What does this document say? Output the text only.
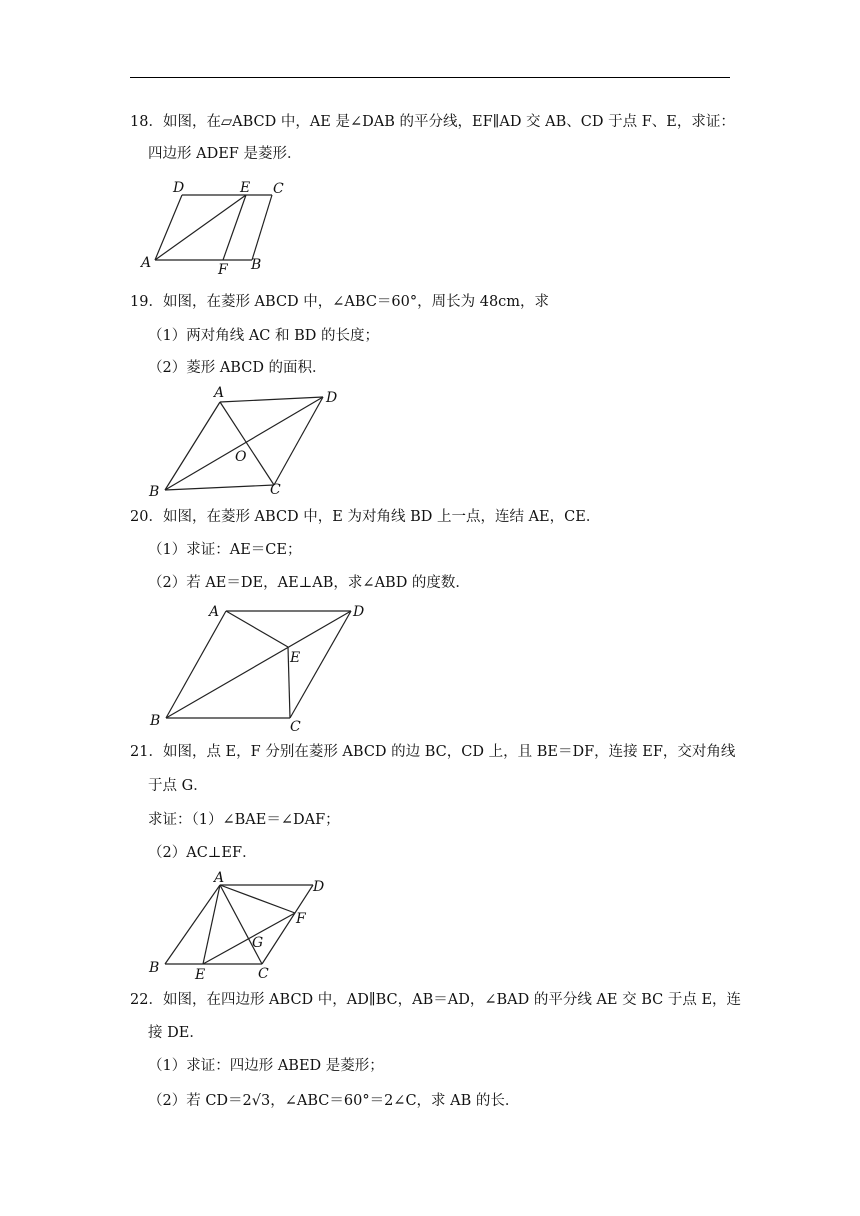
18．如图，在▱ABCD 中，AE 是∠DAB 的平分线，EF∥AD 交 AB、CD 于点 F、E，求证：
四边形 ADEF 是菱形．
D	E C
A	F B
19．如图，在菱形 ABCD 中，∠ABC＝60°，周长为 48cm，求
（1）两对角线 AC 和 BD 的长度；
（2）菱形 ABCD 的面积．
A	D
O
B	C
20．如图，在菱形 ABCD 中，E 为对角线 BD 上一点，连结 AE，CE．
（1）求证：AE＝CE；
（2）若 AE＝DE，AE⊥AB，求∠ABD 的度数．
A	D
E
B	C
21．如图，点 E，F 分别在菱形 ABCD 的边 BC，CD 上，且 BE＝DF，连接 EF，交对角线
于点 G．
求证：（1）∠BAE＝∠DAF；
（2）AC⊥EF．
A
D
F
G
B	E	C
22．如图，在四边形 ABCD 中，AD∥BC，AB＝AD，∠BAD 的平分线 AE 交 BC 于点 E，连
接 DE．
（1）求证：四边形 ABED 是菱形；
（2）若 CD＝2√3，∠ABC＝60°＝2∠C，求 AB 的长．
